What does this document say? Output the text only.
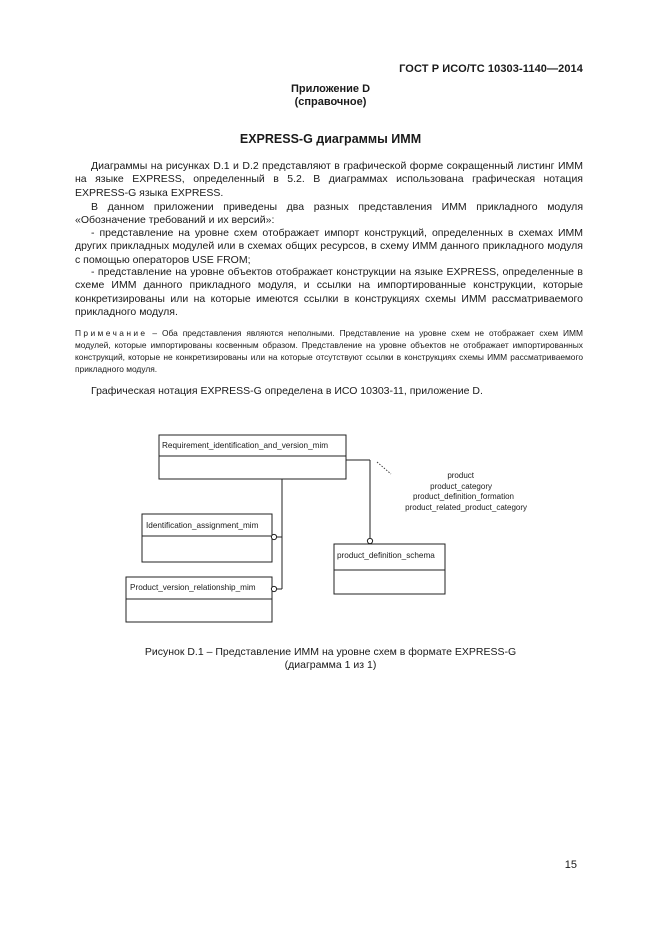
ГОСТ Р ИСО/ТС 10303-1140—2014
Приложение D
(справочное)
EXPRESS-G диаграммы ИММ
Диаграммы на рисунках D.1 и D.2 представляют в графической форме сокращенный листинг ИММ на языке EXPRESS, определенный в 5.2. В диаграммах использована графическая нотация EXPRESS-G языка EXPRESS.
В данном приложении приведены два разных представления ИММ прикладного модуля «Обозначение требований и их версий»:
- представление на уровне схем отображает импорт конструкций, определенных в схемах ИММ других прикладных модулей или в схемах общих ресурсов, в схему ИММ данного прикладного модуля с помощью операторов USE FROM;
- представление на уровне объектов отображает конструкции на языке EXPRESS, определенные в схеме ИММ данного прикладного модуля, и ссылки на импортированные конструкции, которые конкретизированы или на которые имеются ссылки в конструкциях схемы ИММ рассматриваемого прикладного модуля.
Примечание – Оба представления являются неполными. Представление на уровне схем не отображает схем ИММ модулей, которые импортированы косвенным образом. Представление на уровне объектов не отображает импортированных конструкций, которые не конкретизированы или на которые отсутствуют ссылки в конструкциях схемы ИММ рассматриваемого прикладного модуля.
Графическая нотация EXPRESS-G определена в ИСО 10303-11, приложение D.
Requirement_identification_and_version_mim
Identification_assignment_mim
Product_version_relationship_mim
product_definition_schema
product
product_category
product_definition_formation
product_related_product_category
Рисунок D.1 – Представление ИММ на уровне схем в формате EXPRESS-G
(диаграмма 1 из 1)
15
